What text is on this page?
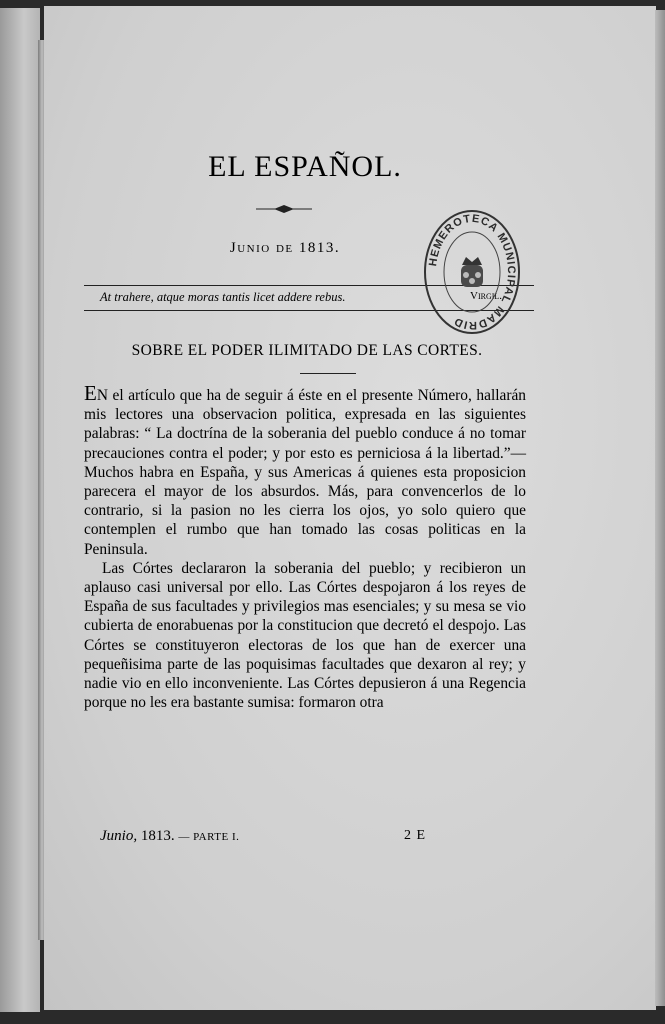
EL ESPAÑOL.
Junio de 1813.
At trahere, atque moras tantis licet addere rebus.	Virgil.
HEMEROTECA MUNICIPAL MADRID
SOBRE EL PODER ILIMITADO DE LAS CORTES.

EN el artículo que ha de seguir á éste en el presente Número, hallarán mis lectores una observacion politica, expresada en las siguientes palabras: “ La doctrína de la soberania del pueblo conduce á no tomar precauciones contra el poder; y por esto es perniciosa á la libertad.”—Muchos habra en España, y sus Americas á quienes esta proposicion parecera el mayor de los absurdos. Más, para convencerlos de lo contrario, si la pasion no les cierra los ojos, yo solo quiero que contemplen el rumbo que han tomado las cosas politicas en la Peninsula.

Las Córtes declararon la soberania del pueblo; y recibieron un aplauso casi universal por ello. Las Córtes despojaron á los reyes de España de sus facultades y privilegios mas esenciales; y su mesa se vio cubierta de enorabuenas por la constitucion que decretó el despojo. Las Córtes se constituyeron electoras de los que han de exercer una pequeñisima parte de las poquisimas facultades que dexaron al rey; y nadie vio en ello inconveniente. Las Córtes depusieron á una Regencia porque no les era bastante sumisa: formaron otra

Junio, 1813. — PARTE I.	2 E
